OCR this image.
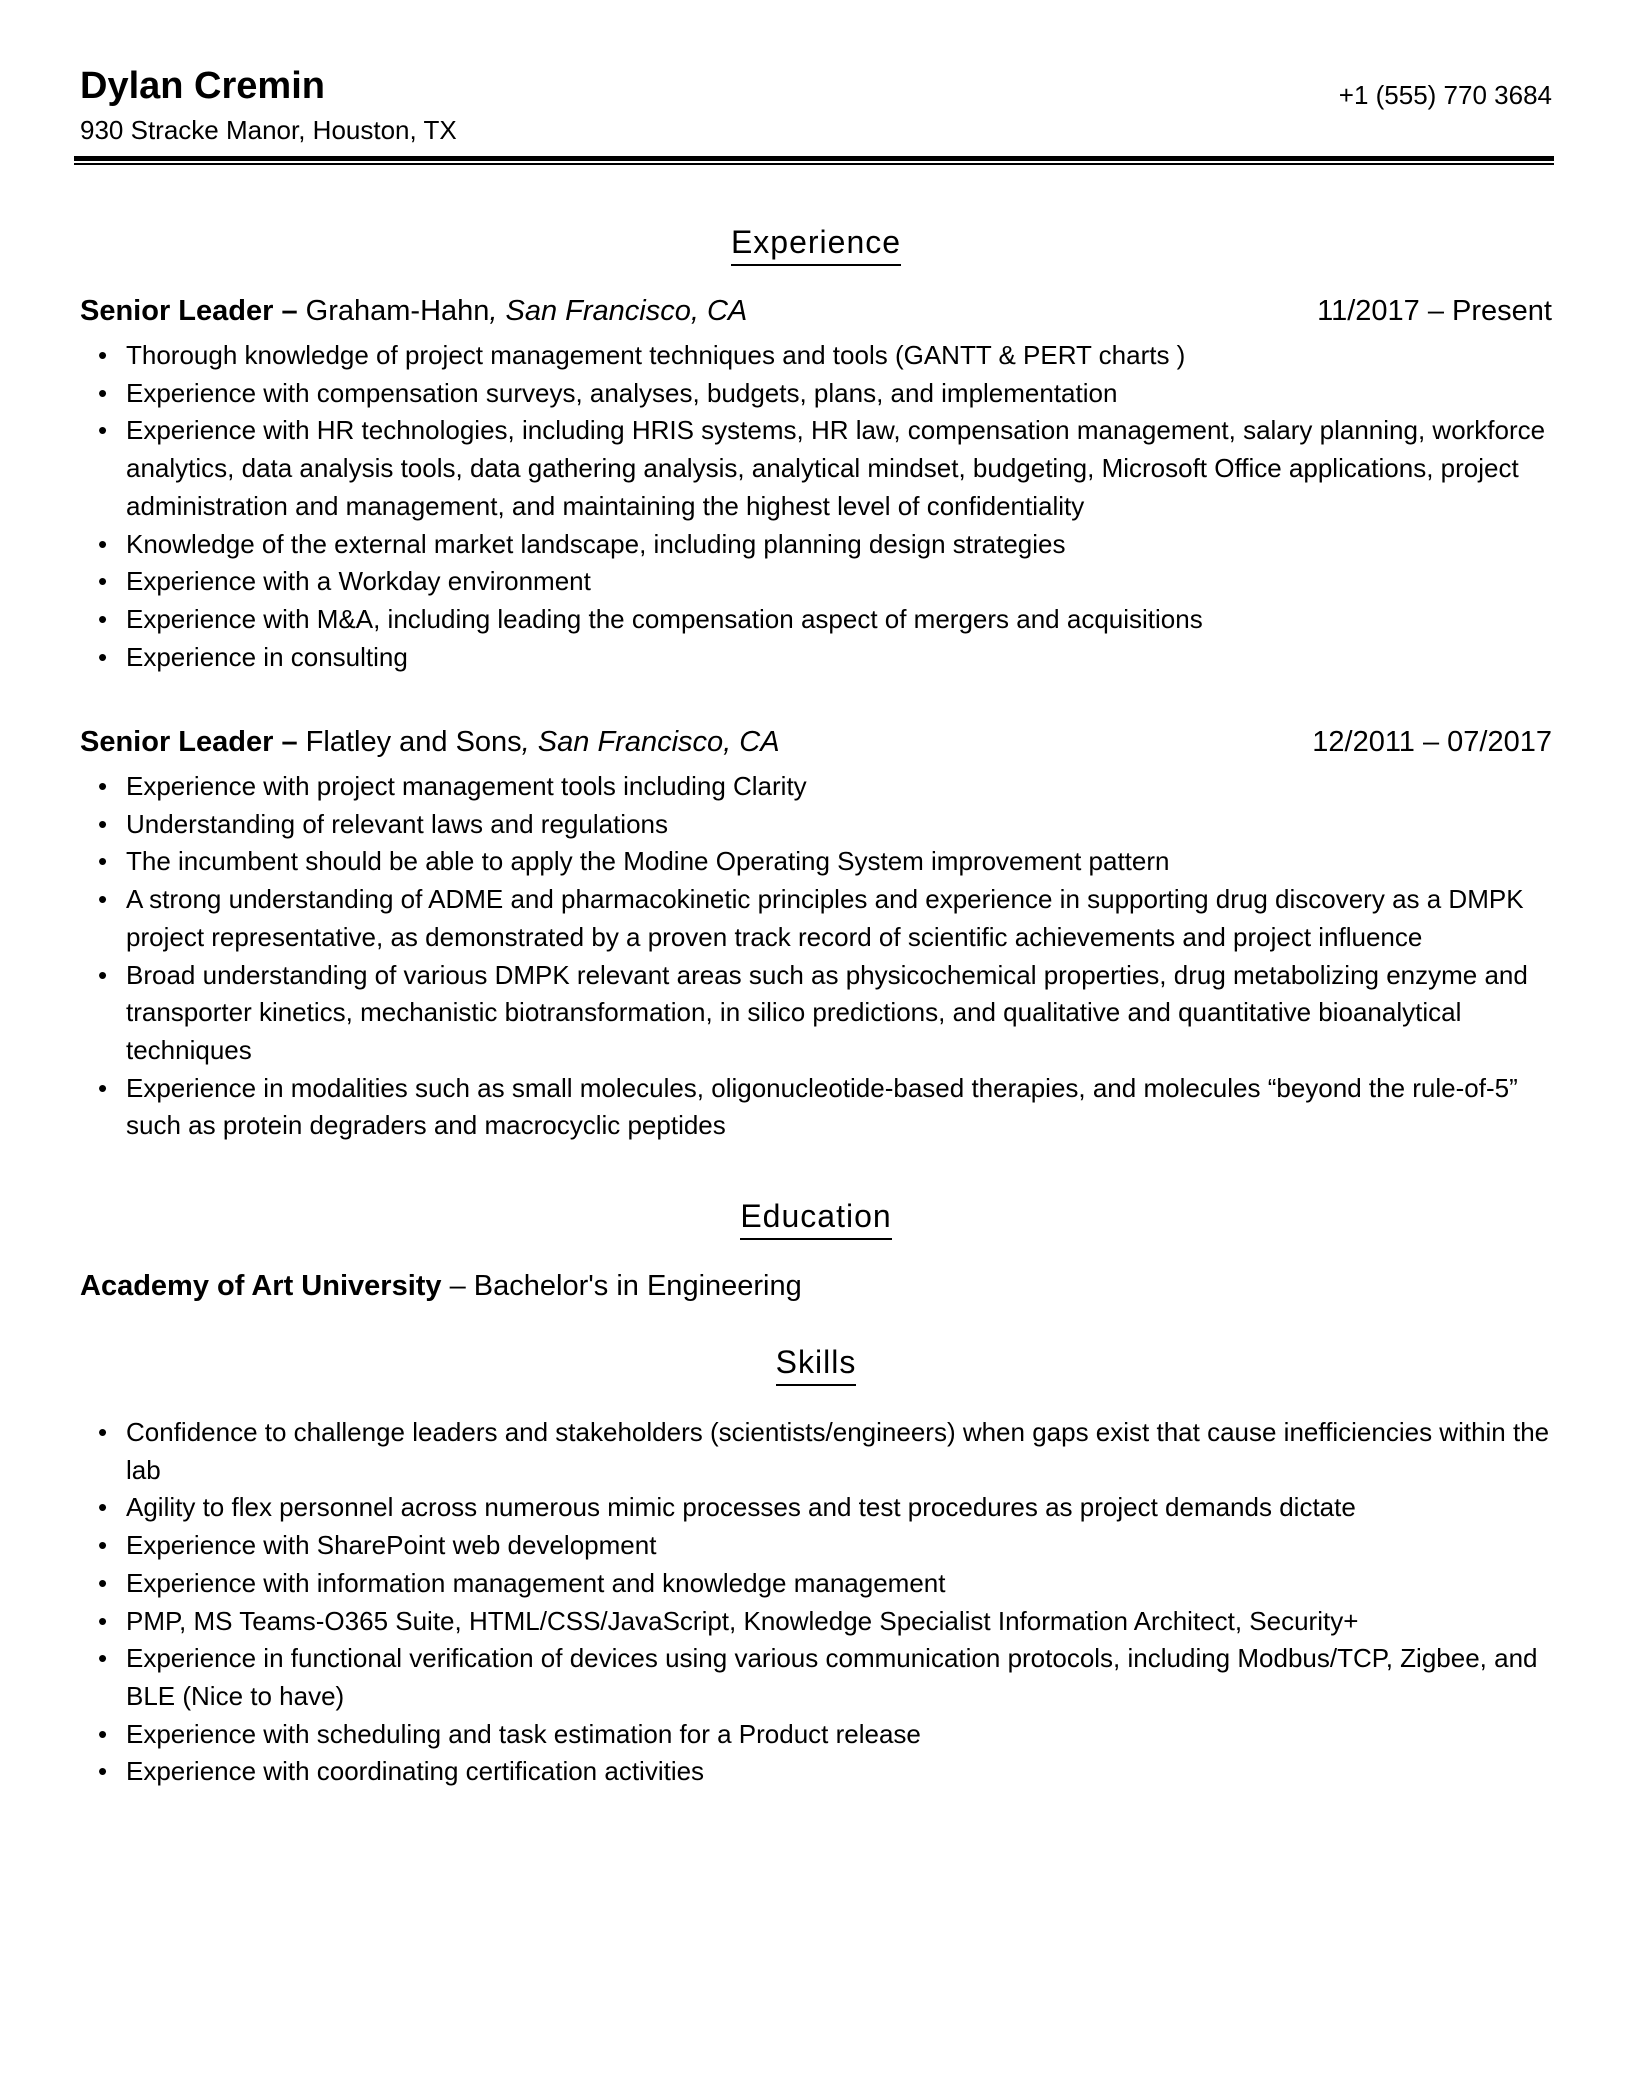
Dylan Cremin
930 Stracke Manor, Houston, TX
+1 (555) 770 3684
Experience
Senior Leader – Graham-Hahn, San Francisco, CA	11/2017 – Present
• Thorough knowledge of project management techniques and tools (GANTT & PERT charts )
• Experience with compensation surveys, analyses, budgets, plans, and implementation
• Experience with HR technologies, including HRIS systems, HR law, compensation management, salary planning, workforce analytics, data analysis tools, data gathering analysis, analytical mindset, budgeting, Microsoft Office applications, project administration and management, and maintaining the highest level of confidentiality
• Knowledge of the external market landscape, including planning design strategies
• Experience with a Workday environment
• Experience with M&A, including leading the compensation aspect of mergers and acquisitions
• Experience in consulting
Senior Leader – Flatley and Sons, San Francisco, CA	12/2011 – 07/2017
• Experience with project management tools including Clarity
• Understanding of relevant laws and regulations
• The incumbent should be able to apply the Modine Operating System improvement pattern
• A strong understanding of ADME and pharmacokinetic principles and experience in supporting drug discovery as a DMPK project representative, as demonstrated by a proven track record of scientific achievements and project influence
• Broad understanding of various DMPK relevant areas such as physicochemical properties, drug metabolizing enzyme and transporter kinetics, mechanistic biotransformation, in silico predictions, and qualitative and quantitative bioanalytical techniques
• Experience in modalities such as small molecules, oligonucleotide-based therapies, and molecules “beyond the rule-of-5” such as protein degraders and macrocyclic peptides
Education
Academy of Art University – Bachelor's in Engineering
Skills
• Confidence to challenge leaders and stakeholders (scientists/engineers) when gaps exist that cause inefficiencies within the lab
• Agility to flex personnel across numerous mimic processes and test procedures as project demands dictate
• Experience with SharePoint web development
• Experience with information management and knowledge management
• PMP, MS Teams-O365 Suite, HTML/CSS/JavaScript, Knowledge Specialist Information Architect, Security+
• Experience in functional verification of devices using various communication protocols, including Modbus/TCP, Zigbee, and BLE (Nice to have)
• Experience with scheduling and task estimation for a Product release
• Experience with coordinating certification activities
